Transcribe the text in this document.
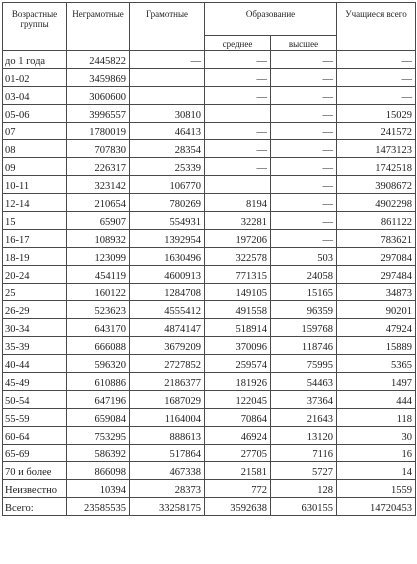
Возрастные группы	Неграмотные	Грамотные	Образование		Учащиеся всего
			среднее	высшее	
до 1 года	2445822	—	—	—	—
01-02	3459869		—	—	—
03-04	3060600		—	—	—
05-06	3996557	30810		—	15029
07	1780019	46413	—	—	241572
08	707830	28354	—	—	1473123
09	226317	25339	—	—	1742518
10-11	323142	106770		—	3908672
12-14	210654	780269	8194	—	4902298
15	65907	554931	32281	—	861122
16-17	108932	1392954	197206	—	783621
18-19	123099	1630496	322578	503	297084
20-24	454119	4600913	771315	24058	297484
25	160122	1284708	149105	15165	34873
26-29	523623	4555412	491558	96359	90201
30-34	643170	4874147	518914	159768	47924
35-39	666088	3679209	370096	118746	15889
40-44	596320	2727852	259574	75995	5365
45-49	610886	2186377	181926	54463	1497
50-54	647196	1687029	122045	37364	444
55-59	659084	1164004	70864	21643	118
60-64	753295	888613	46924	13120	30
65-69	586392	517864	27705	7116	16
70 и более	866098	467338	21581	5727	14
Неизвестно	10394	28373	772	128	1559
Всего:	23585535	33258175	3592638	630155	14720453
